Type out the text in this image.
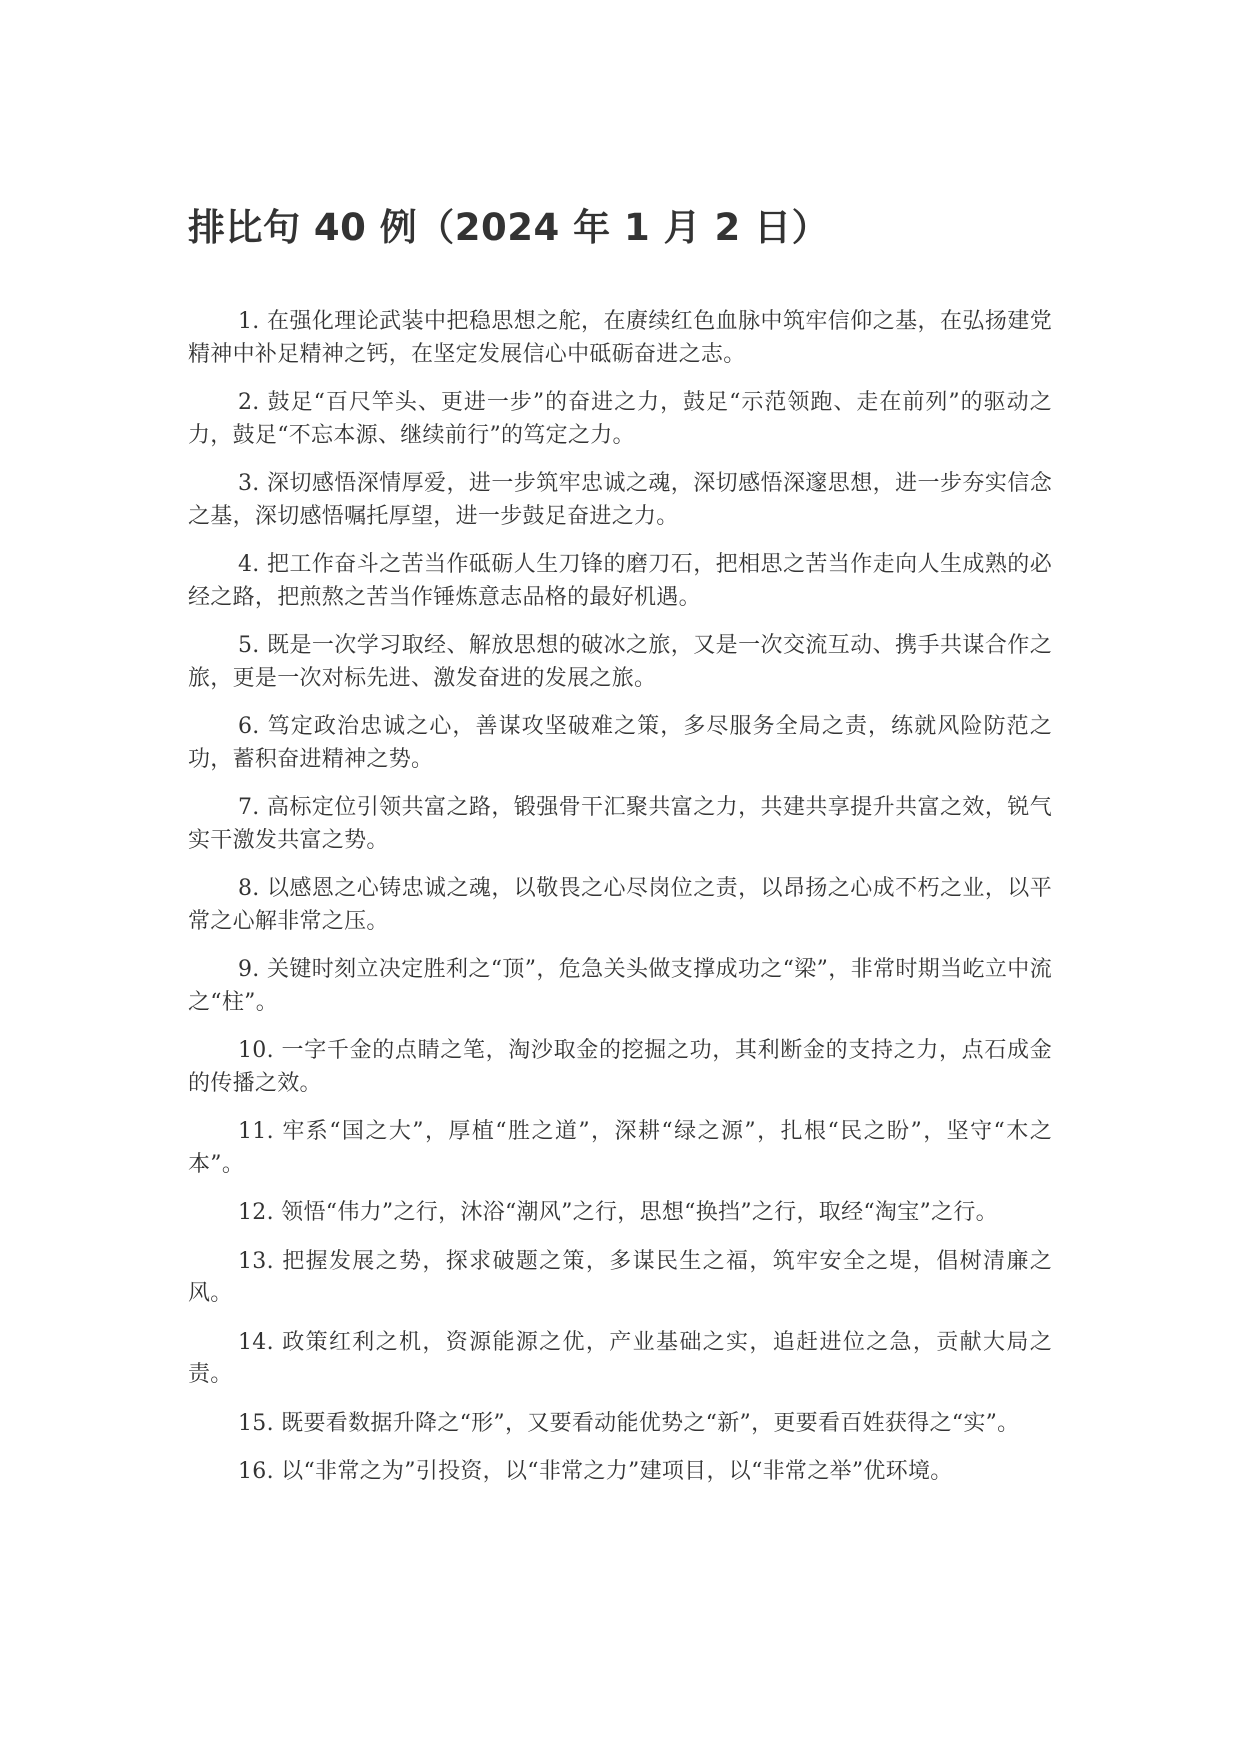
排比句 40 例（2024 年 1 月 2 日）

1. 在强化理论武装中把稳思想之舵，在赓续红色血脉中筑牢信仰之基，在弘扬建党精神中补足精神之钙，在坚定发展信心中砥砺奋进之志。

2. 鼓足“百尺竿头、更进一步”的奋进之力，鼓足“示范领跑、走在前列”的驱动之力，鼓足“不忘本源、继续前行”的笃定之力。

3. 深切感悟深情厚爱，进一步筑牢忠诚之魂，深切感悟深邃思想，进一步夯实信念之基，深切感悟嘱托厚望，进一步鼓足奋进之力。

4. 把工作奋斗之苦当作砥砺人生刀锋的磨刀石，把相思之苦当作走向人生成熟的必经之路，把煎熬之苦当作锤炼意志品格的最好机遇。

5. 既是一次学习取经、解放思想的破冰之旅，又是一次交流互动、携手共谋合作之旅，更是一次对标先进、激发奋进的发展之旅。

6. 笃定政治忠诚之心，善谋攻坚破难之策，多尽服务全局之责，练就风险防范之功，蓄积奋进精神之势。

7. 高标定位引领共富之路，锻强骨干汇聚共富之力，共建共享提升共富之效，锐气实干激发共富之势。

8. 以感恩之心铸忠诚之魂，以敬畏之心尽岗位之责，以昂扬之心成不朽之业，以平常之心解非常之压。

9. 关键时刻立决定胜利之“顶”，危急关头做支撑成功之“梁”，非常时期当屹立中流之“柱”。

10. 一字千金的点睛之笔，淘沙取金的挖掘之功，其利断金的支持之力，点石成金的传播之效。

11. 牢系“国之大”，厚植“胜之道”，深耕“绿之源”，扎根“民之盼”，坚守“木之本”。

12. 领悟“伟力”之行，沐浴“潮风”之行，思想“换挡”之行，取经“淘宝”之行。

13. 把握发展之势，探求破题之策，多谋民生之福，筑牢安全之堤，倡树清廉之风。

14. 政策红利之机，资源能源之优，产业基础之实，追赶进位之急，贡献大局之责。

15. 既要看数据升降之“形”，又要看动能优势之“新”，更要看百姓获得之“实”。

16. 以“非常之为”引投资，以“非常之力”建项目，以“非常之举”优环境。
